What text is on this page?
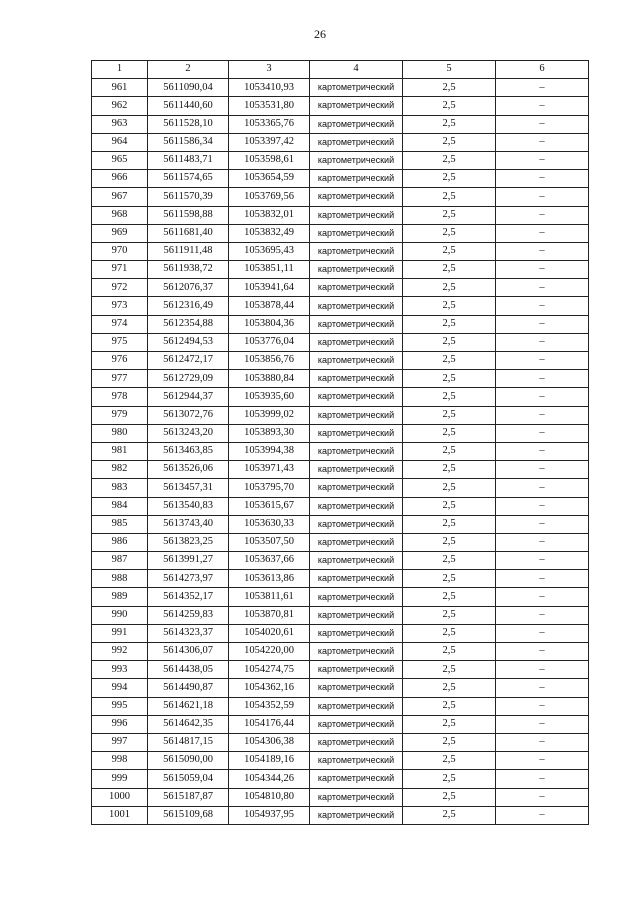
26
1	2	3	4	5	6
961	5611090,04	1053410,93	картометрический	2,5	–
962	5611440,60	1053531,80	картометрический	2,5	–
963	5611528,10	1053365,76	картометрический	2,5	–
964	5611586,34	1053397,42	картометрический	2,5	–
965	5611483,71	1053598,61	картометрический	2,5	–
966	5611574,65	1053654,59	картометрический	2,5	–
967	5611570,39	1053769,56	картометрический	2,5	–
968	5611598,88	1053832,01	картометрический	2,5	–
969	5611681,40	1053832,49	картометрический	2,5	–
970	5611911,48	1053695,43	картометрический	2,5	–
971	5611938,72	1053851,11	картометрический	2,5	–
972	5612076,37	1053941,64	картометрический	2,5	–
973	5612316,49	1053878,44	картометрический	2,5	–
974	5612354,88	1053804,36	картометрический	2,5	–
975	5612494,53	1053776,04	картометрический	2,5	–
976	5612472,17	1053856,76	картометрический	2,5	–
977	5612729,09	1053880,84	картометрический	2,5	–
978	5612944,37	1053935,60	картометрический	2,5	–
979	5613072,76	1053999,02	картометрический	2,5	–
980	5613243,20	1053893,30	картометрический	2,5	–
981	5613463,85	1053994,38	картометрический	2,5	–
982	5613526,06	1053971,43	картометрический	2,5	–
983	5613457,31	1053795,70	картометрический	2,5	–
984	5613540,83	1053615,67	картометрический	2,5	–
985	5613743,40	1053630,33	картометрический	2,5	–
986	5613823,25	1053507,50	картометрический	2,5	–
987	5613991,27	1053637,66	картометрический	2,5	–
988	5614273,97	1053613,86	картометрический	2,5	–
989	5614352,17	1053811,61	картометрический	2,5	–
990	5614259,83	1053870,81	картометрический	2,5	–
991	5614323,37	1054020,61	картометрический	2,5	–
992	5614306,07	1054220,00	картометрический	2,5	–
993	5614438,05	1054274,75	картометрический	2,5	–
994	5614490,87	1054362,16	картометрический	2,5	–
995	5614621,18	1054352,59	картометрический	2,5	–
996	5614642,35	1054176,44	картометрический	2,5	–
997	5614817,15	1054306,38	картометрический	2,5	–
998	5615090,00	1054189,16	картометрический	2,5	–
999	5615059,04	1054344,26	картометрический	2,5	–
1000	5615187,87	1054810,80	картометрический	2,5	–
1001	5615109,68	1054937,95	картометрический	2,5	–
